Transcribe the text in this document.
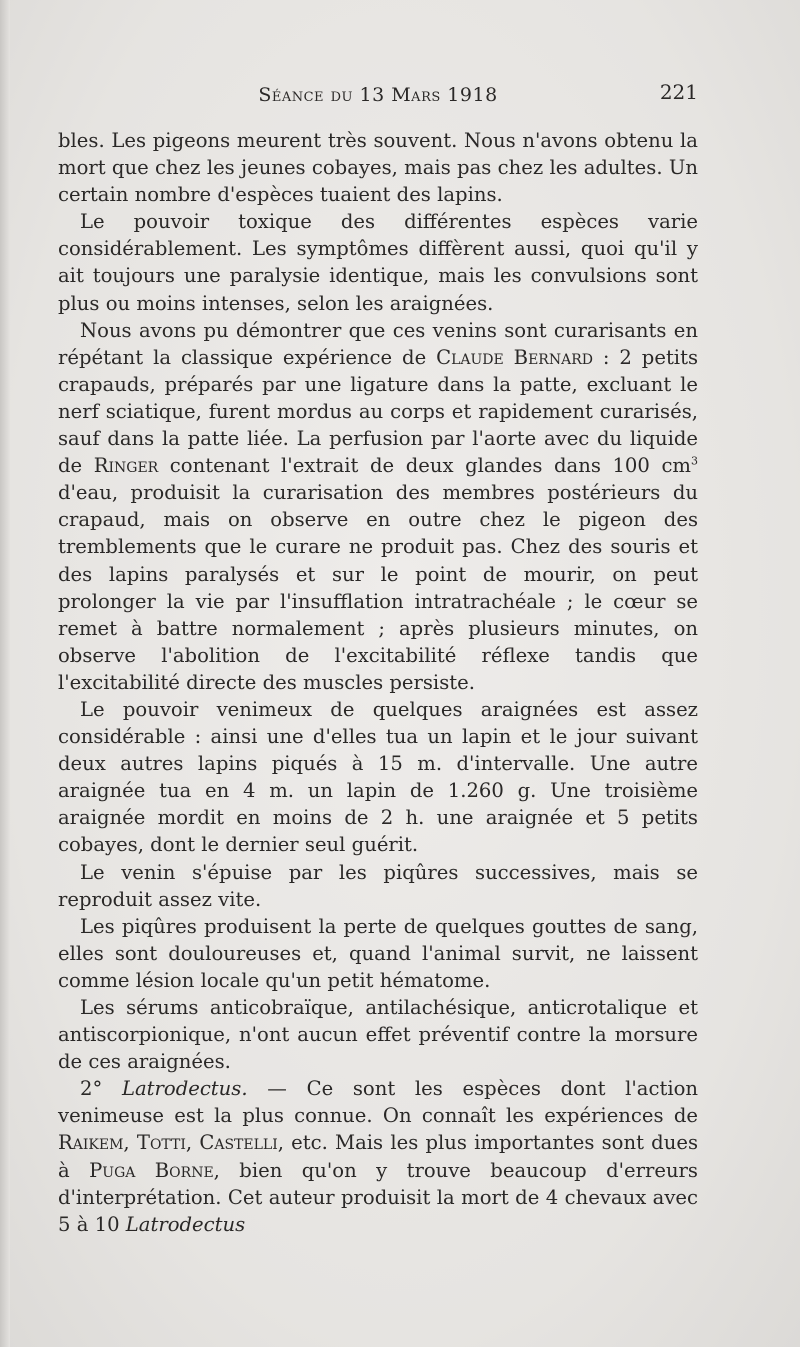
Séance du 13 Mars 1918	221

bles. Les pigeons meurent très souvent. Nous n'avons obtenu la mort que chez les jeunes cobayes, mais pas chez les adultes. Un certain nombre d'espèces tuaient des lapins.

Le pouvoir toxique des différentes espèces varie considérablement. Les symptômes diffèrent aussi, quoi qu'il y ait toujours une paralysie identique, mais les convulsions sont plus ou moins intenses, selon les araignées.

Nous avons pu démontrer que ces venins sont curarisants en répétant la classique expérience de Claude Bernard : 2 petits crapauds, préparés par une ligature dans la patte, excluant le nerf sciatique, furent mordus au corps et rapidement curarisés, sauf dans la patte liée. La perfusion par l'aorte avec du liquide de Ringer contenant l'extrait de deux glandes dans 100 $cm^3$ d'eau, produisit la curarisation des membres postérieurs du crapaud, mais on observe en outre chez le pigeon des tremblements que le curare ne produit pas. Chez des souris et des lapins paralysés et sur le point de mourir, on peut prolonger la vie par l'insufflation intratrachéale ; le cœur se remet à battre normalement ; après plusieurs minutes, on observe l'abolition de l'excitabilité réflexe tandis que l'excitabilité directe des muscles persiste.

Le pouvoir venimeux de quelques araignées est assez considérable : ainsi une d'elles tua un lapin et le jour suivant deux autres lapins piqués à 15 m. d'intervalle. Une autre araignée tua en 4 m. un lapin de 1.260 g. Une troisième araignée mordit en moins de 2 h. une araignée et 5 petits cobayes, dont le dernier seul guérit.

Le venin s'épuise par les piqûres successives, mais se reproduit assez vite.

Les piqûres produisent la perte de quelques gouttes de sang, elles sont douloureuses et, quand l'animal survit, ne laissent comme lésion locale qu'un petit hématome.

Les sérums anticobraïque, antilachésique, anticrotalique et antiscorpionique, n'ont aucun effet préventif contre la morsure de ces araignées.

2° Latrodectus. — Ce sont les espèces dont l'action venimeuse est la plus connue. On connaît les expériences de Raikem, Totti, Castelli, etc. Mais les plus importantes sont dues à Puga Borne, bien qu'on y trouve beaucoup d'erreurs d'interprétation. Cet auteur produisit la mort de 4 chevaux avec 5 à 10 Latrodectus
